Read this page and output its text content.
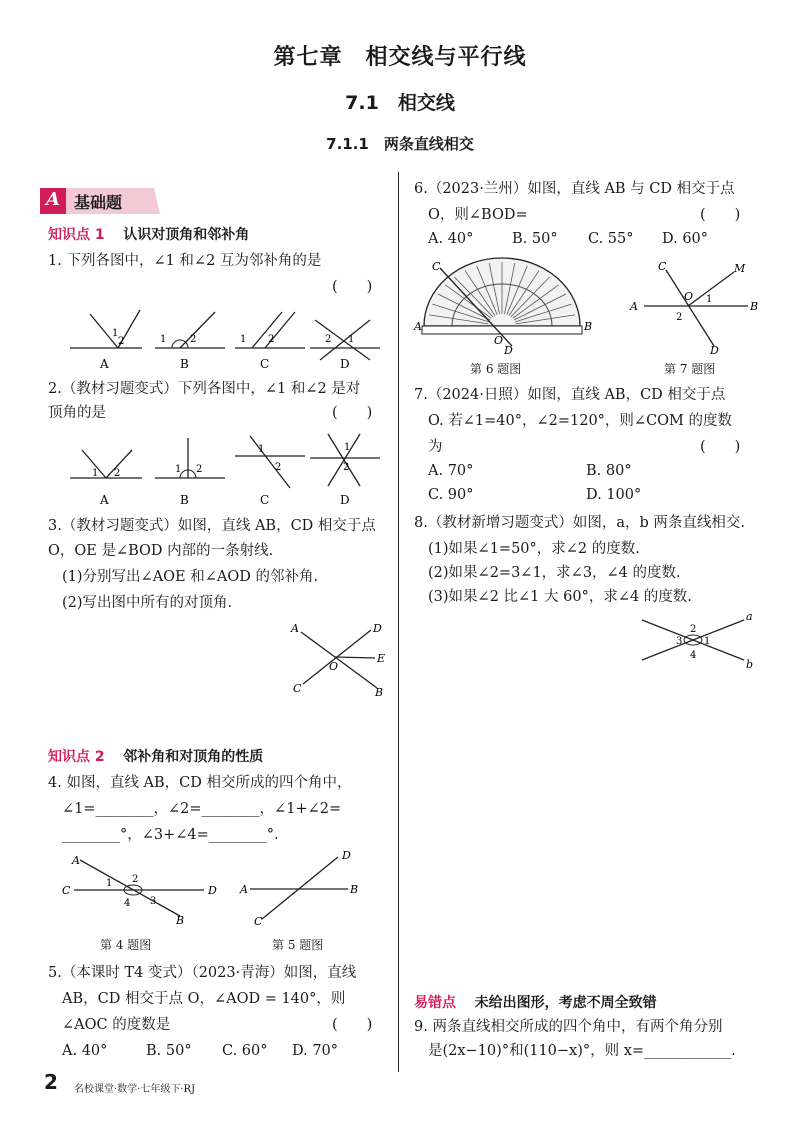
第七章　相交线与平行线
7.1　相交线
7.1.1　两条直线相交
A 基础题
知识点 1 认识对顶角和邻补角
1. 下列各图中，∠1 和∠2 互为邻补角的是
(　　)
1
2	1 2	1 2	2 1
A	B	C	D
2.（教材习题变式）下列各图中，∠1 和∠2 是对
顶角的是	(　　)
1 2	1 2
1
2
1
2
A	B	C	D
3.（教材习题变式）如图，直线 AB，CD 相交于点
O，OE 是∠BOD 内部的一条射线.
(1)分别写出∠AOE 和∠AOD 的邻补角.
(2)写出图中所有的对顶角.
A	D
E
O
C	B
知识点 2 邻补角和对顶角的性质
4. 如图，直线 AB，CD 相交所成的四个角中，
∠1=________，∠2=________，∠1+∠2=
________°，∠3+∠4=________°.
A
C	D
B
1 2
3
4
A
D
B
C
第 4 题图	第 5 题图
5.（本课时 T4 变式）（2023·青海）如图，直线
AB，CD 相交于点 O，∠AOD = 140°，则
∠AOC 的度数是	(　　)
A. 40°	B. 50° C. 60° D. 70°
2 名校课堂·数学·七年级下·RJ
6.（2023·兰州）如图，直线 AB 与 CD 相交于点
O，则∠BOD=	(　　)
A. 40°	B. 50° C. 55° D. 60°
A
C
B
D
O
C	M
A	B
O 1
2
D
第 6 题图	第 7 题图
7.（2024·日照）如图，直线 AB，CD 相交于点
O. 若∠1=40°，∠2=120°，则∠COM 的度数
为	(　　)
A. 70°	B. 80°
C. 90°	D. 100°
8.（教材新增习题变式）如图，a，b 两条直线相交.
(1)如果∠1=50°，求∠2 的度数.
(2)如果∠2=3∠1，求∠3，∠4 的度数.
(3)如果∠2 比∠1 大 60°，求∠4 的度数.
a
b
2
3 1
4
易错点 未给出图形，考虑不周全致错
9. 两条直线相交所成的四个角中，有两个角分别
是(2x−10)°和(110−x)°，则 x=____________.
